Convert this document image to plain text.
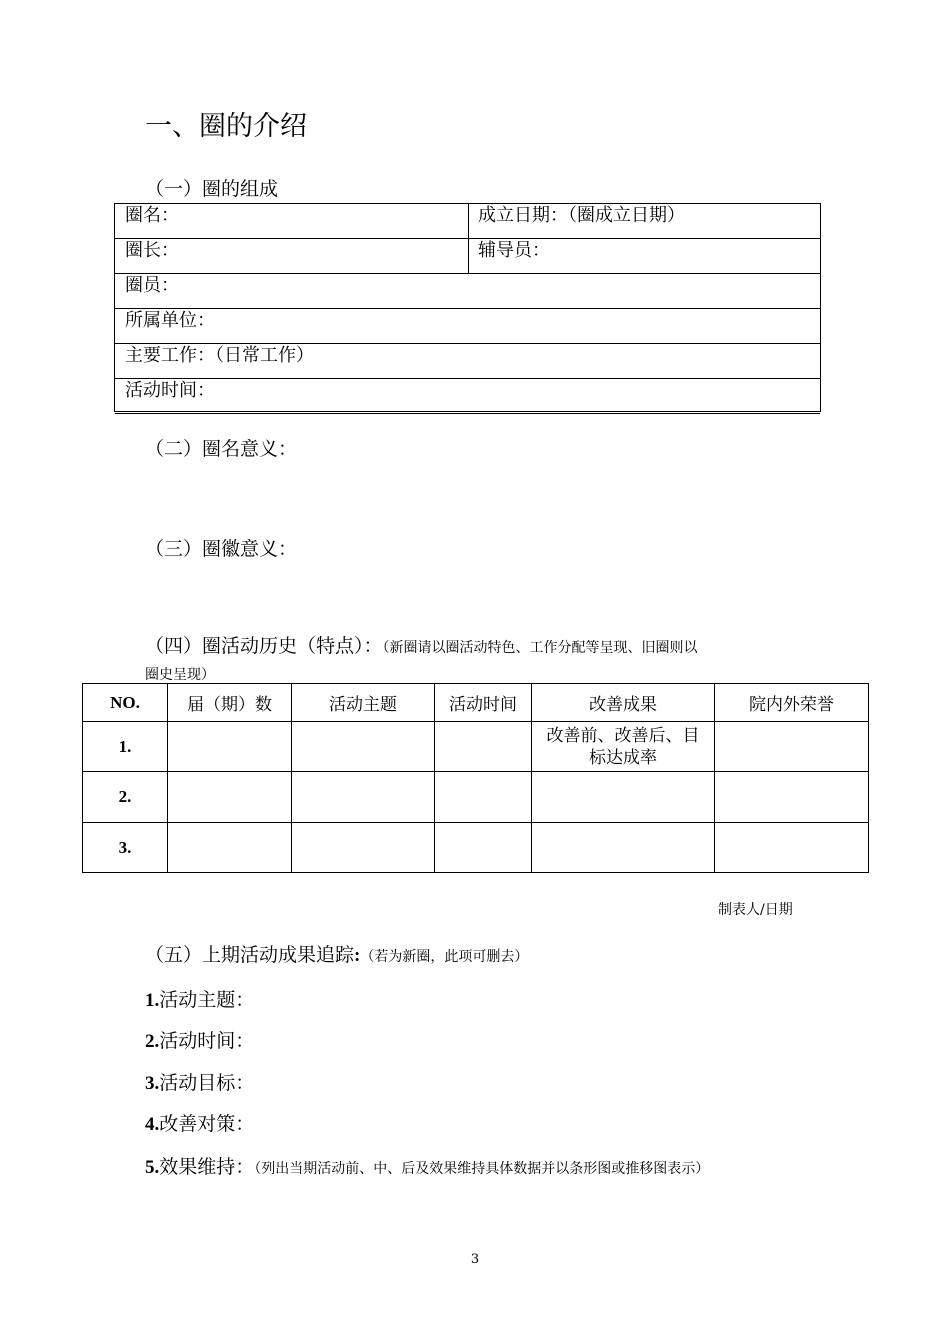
一、圈的介绍
（一）圈的组成
圈名：	成立日期：（圈成立日期）
圈长：	辅导员：
圈员：
所属单位：
主要工作：（日常工作）
活动时间：
（二）圈名意义：
（三）圈徽意义：
（四）圈活动历史（特点）：（新圈请以圈活动特色、工作分配等呈现、旧圈则以
圈史呈现）
NO.	届（期）数	活动主题	活动时间	改善成果	院内外荣誉
1.				改善前、改善后、目
标达成率	

2.					
3.					
制表人/日期
（五）上期活动成果追踪:（若为新圈，此项可删去）
1.活动主题：
2.活动时间：
3.活动目标：
4.改善对策：
5.效果维持：（列出当期活动前、中、后及效果维持具体数据并以条形图或推移图表示）
3
